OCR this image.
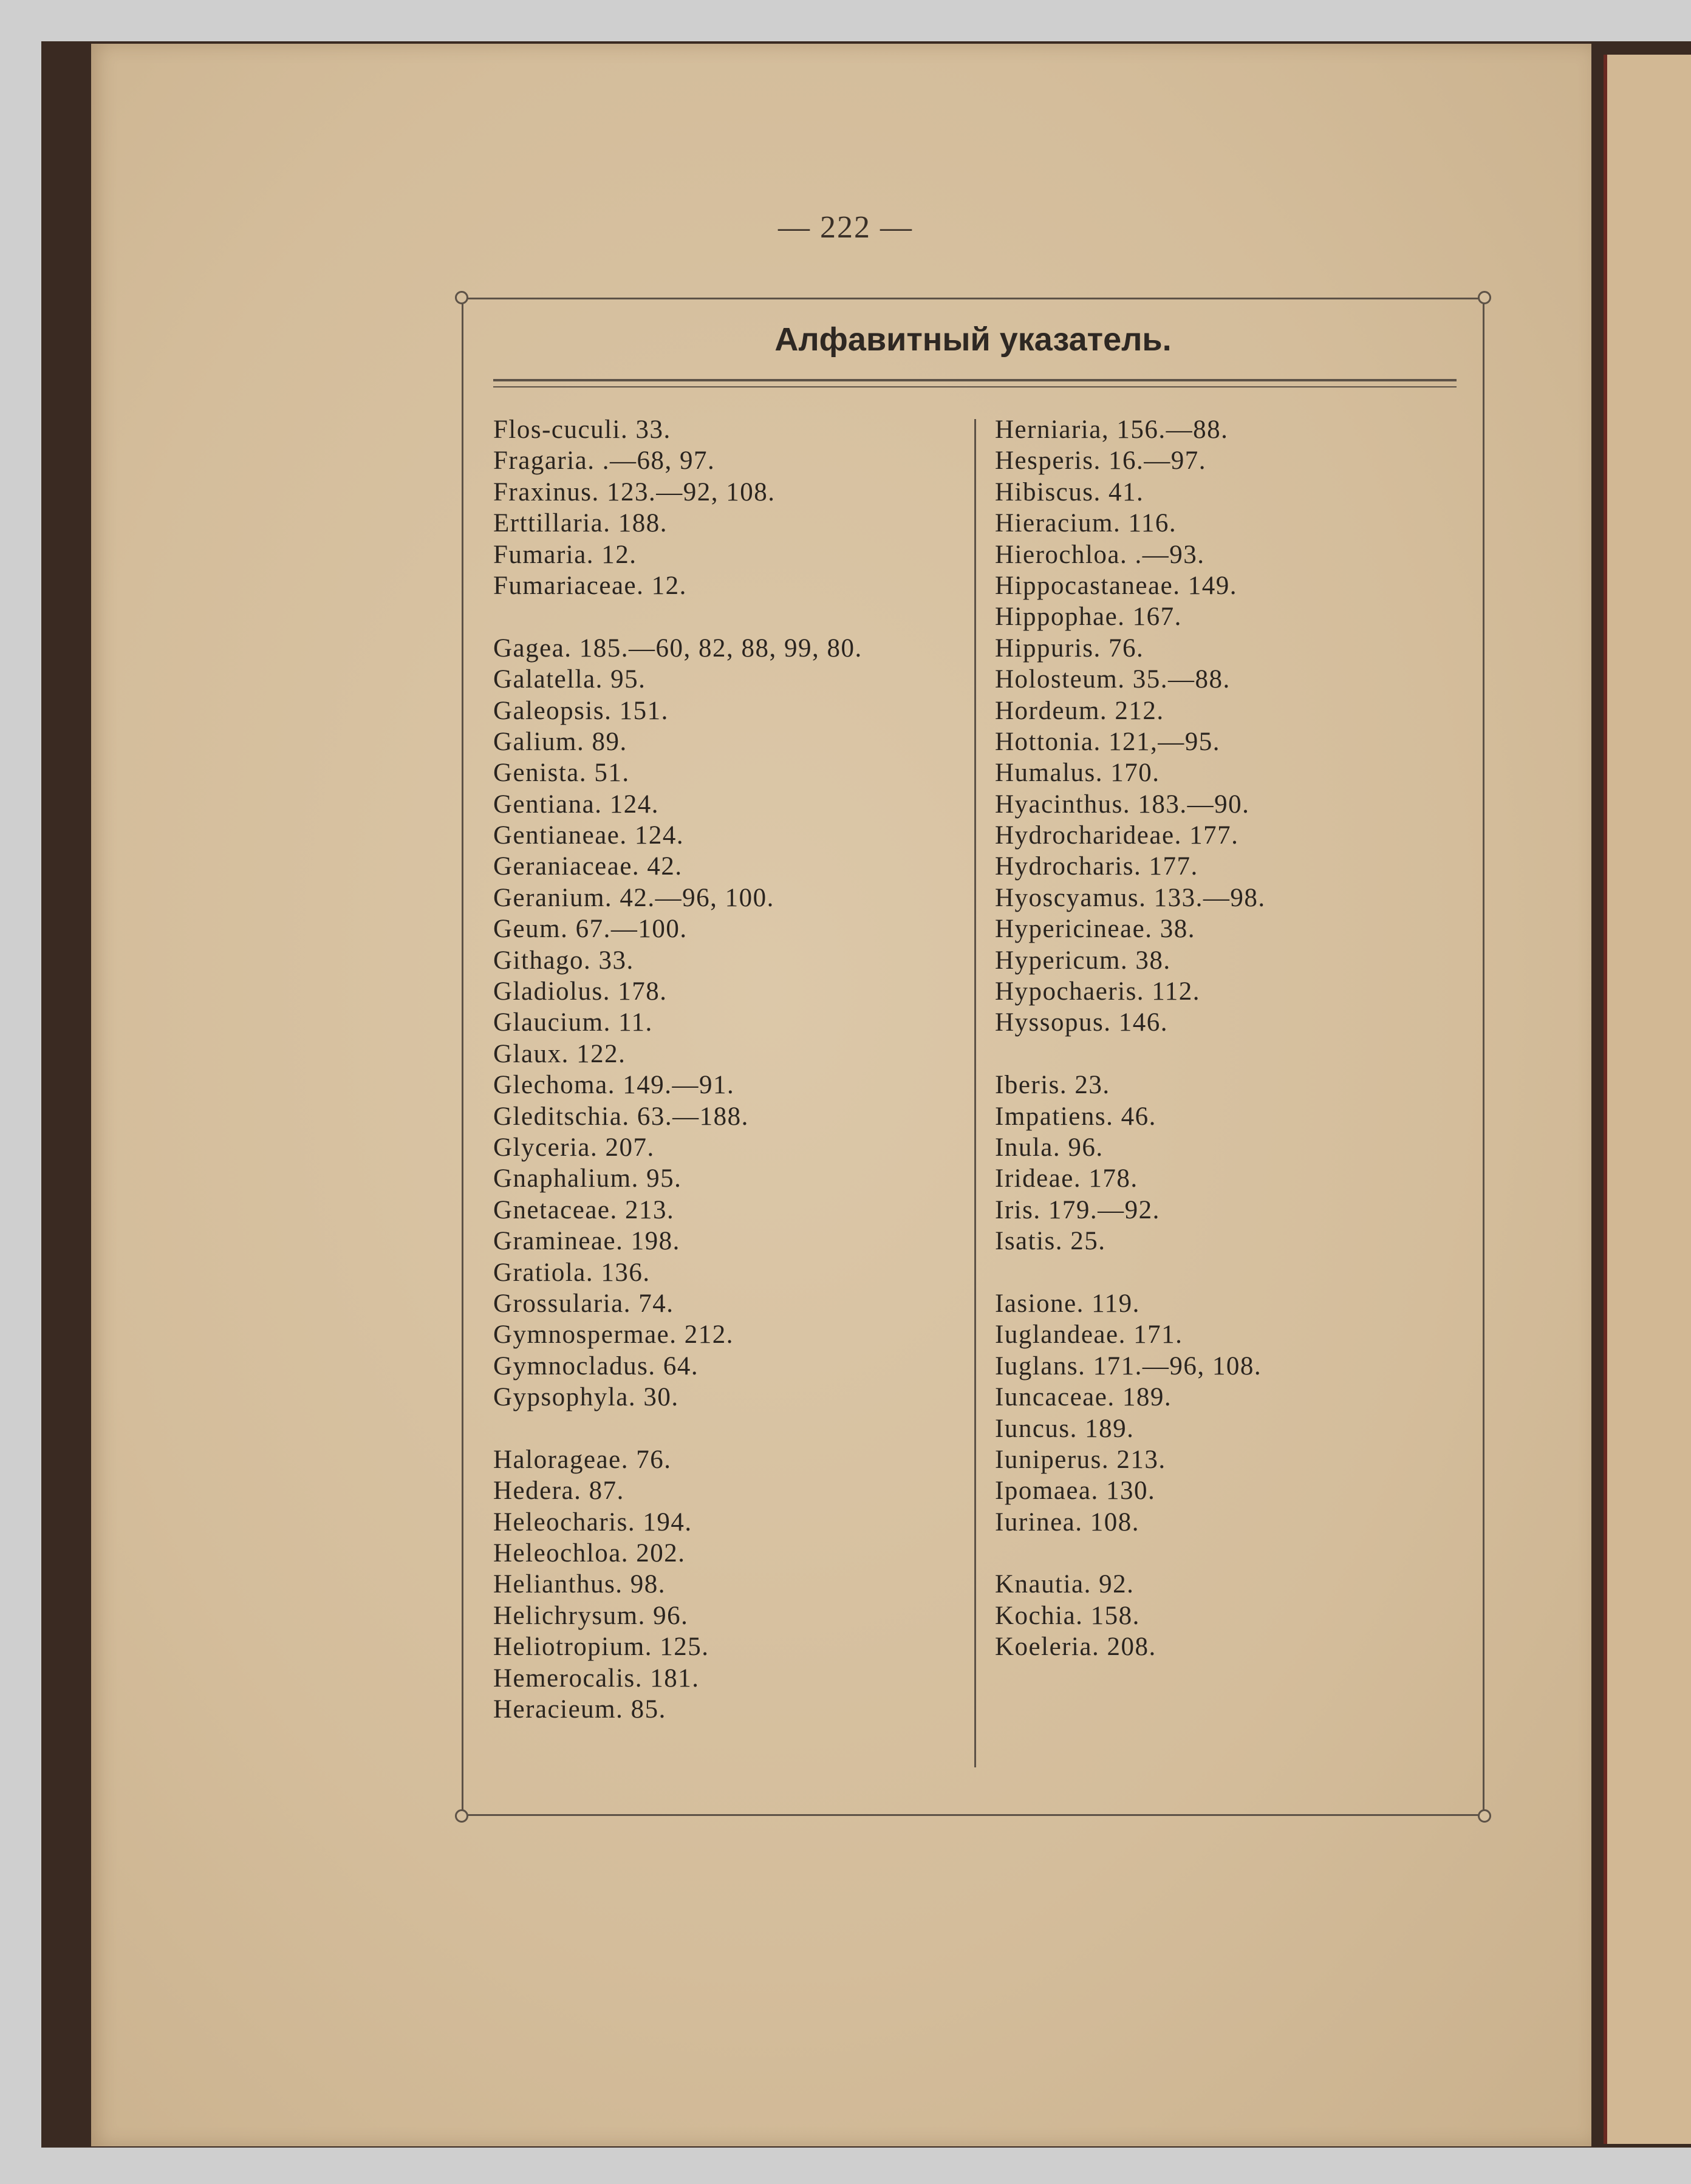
— 222 —
Алфавитный указатель.
Flos-cuculi. 33.
Fragaria. .—68, 97.
Fraxinus. 123.—92, 108.
Erttillaria. 188.
Fumaria. 12.
Fumariaceae. 12.
Gagea. 185.—60, 82, 88, 99, 80.
Galatella. 95.
Galeopsis. 151.
Galium. 89.
Genista. 51.
Gentiana. 124.
Gentianeae. 124.
Geraniaceae. 42.
Geranium. 42.—96, 100.
Geum. 67.—100.
Githago. 33.
Gladiolus. 178.
Glaucium. 11.
Glaux. 122.
Glechoma. 149.—91.
Gleditschia. 63.—188.
Glyceria. 207.
Gnaphalium. 95.
Gnetaceae. 213.
Gramineae. 198.
Gratiola. 136.
Grossularia. 74.
Gymnospermae. 212.
Gymnocladus. 64.
Gypsophyla. 30.
Halorageae. 76.
Hedera. 87.
Heleocharis. 194.
Heleochloa. 202.
Helianthus. 98.
Helichrysum. 96.
Heliotropium. 125.
Hemerocalis. 181.
Heracieum. 85.
Herniaria, 156.—88.
Hesperis. 16.—97.
Hibiscus. 41.
Hieracium. 116.
Hierochloa. .—93.
Hippocastaneae. 149.
Hippophae. 167.
Hippuris. 76.
Holosteum. 35.—88.
Hordeum. 212.
Hottonia. 121,—95.
Humalus. 170.
Hyacinthus. 183.—90.
Hydrocharideae. 177.
Hydrocharis. 177.
Hyoscyamus. 133.—98.
Hypericineae. 38.
Hypericum. 38.
Hypochaeris. 112.
Hyssopus. 146.
Iberis. 23.
Impatiens. 46.
Inula. 96.
Irideae. 178.
Iris. 179.—92.
Isatis. 25.
Iasione. 119.
Iuglandeae. 171.
Iuglans. 171.—96, 108.
Iuncaceae. 189.
Iuncus. 189.
Iuniperus. 213.
Ipomaea. 130.
Iurinea. 108.
Knautia. 92.
Kochia. 158.
Koeleria. 208.
